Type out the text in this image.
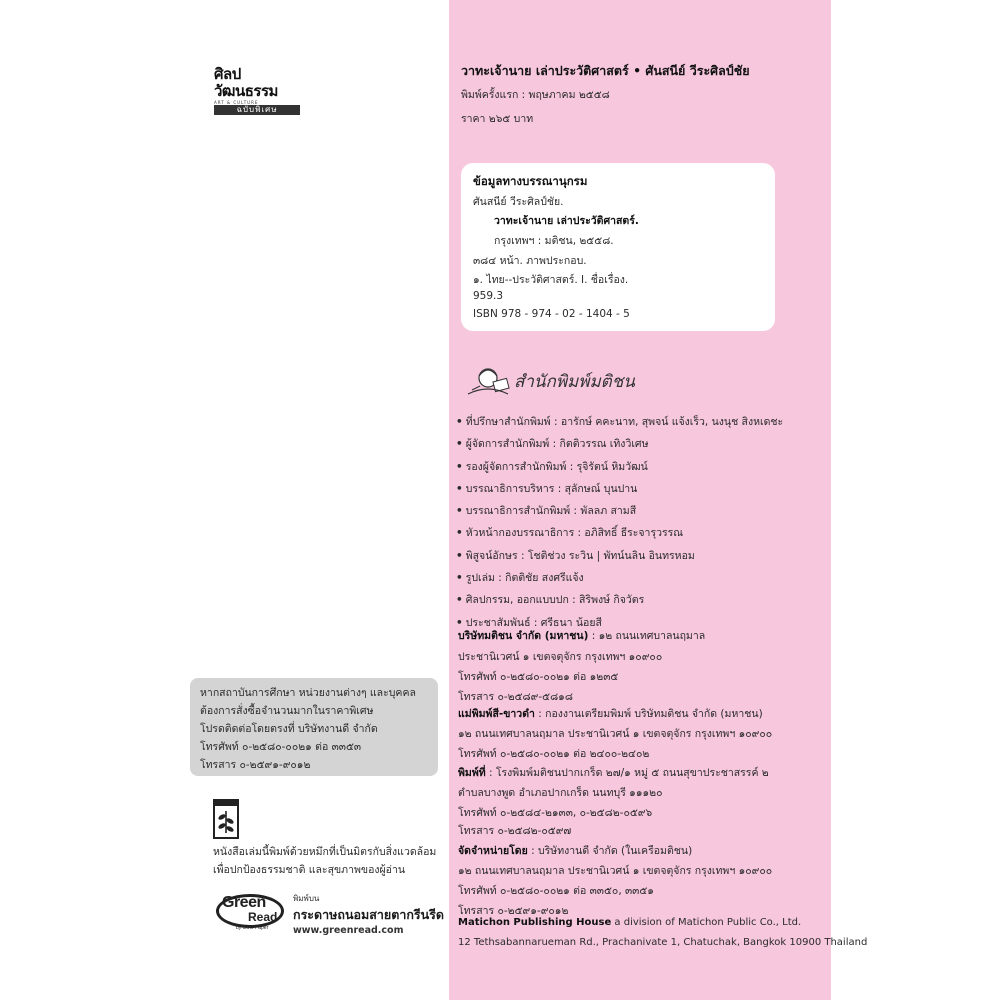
ศิลปวัฒนธรรม
ART & CULTURE
ฉบับพิเศษ
วาทะเจ้านาย เล่าประวัติศาสตร์ • ศันสนีย์ วีระศิลป์ชัย
พิมพ์ครั้งแรก : พฤษภาคม ๒๕๕๘
ราคา ๒๖๕ บาท
ข้อมูลทางบรรณานุกรม
ศันสนีย์ วีระศิลป์ชัย.
วาทะเจ้านาย เล่าประวัติศาสตร์.
กรุงเทพฯ : มติชน, ๒๕๕๘.
๓๘๔ หน้า. ภาพประกอบ.
๑. ไทย--ประวัติศาสตร์. I. ชื่อเรื่อง.
959.3
ISBN 978 - 974 - 02 - 1404 - 5
สำนักพิมพ์มติชน
• ที่ปรึกษาสำนักพิมพ์ : อารักษ์ คคะนาท, สุพจน์ แจ้งเร็ว, นงนุช สิงหเดชะ
• ผู้จัดการสำนักพิมพ์ : กิตติวรรณ เทิงวิเศษ
• รองผู้จัดการสำนักพิมพ์ : รุจิรัตน์ หิมวัฒน์
• บรรณาธิการบริหาร : สุลักษณ์ บุนปาน
• บรรณาธิการสำนักพิมพ์ : พัลลภ สามสี
• หัวหน้ากองบรรณาธิการ : อภิสิทธิ์ ธีระจารุวรรณ
• พิสูจน์อักษร : โชติช่วง ระวิน | พัทน์นลิน อินทรหอม
• รูปเล่ม : กิตติชัย สงศรีแจ้ง
• ศิลปกรรม, ออกแบบปก : สิริพงษ์ กิจวัตร
• ประชาสัมพันธ์ : ศรีธนา น้อยสี
บริษัทมติชน จำกัด (มหาชน) : ๑๒ ถนนเทศบาลนฤมาล
ประชานิเวศน์ ๑ เขตจตุจักร กรุงเทพฯ ๑๐๙๐๐
โทรศัพท์ ๐-๒๕๘๐-๐๐๒๑ ต่อ ๑๒๓๕
โทรสาร ๐-๒๕๘๙-๕๘๑๘
แม่พิมพ์สี-ขาวดำ : กองงานเตรียมพิมพ์ บริษัทมติชน จำกัด (มหาชน)
๑๒ ถนนเทศบาลนฤมาล ประชานิเวศน์ ๑ เขตจตุจักร กรุงเทพฯ ๑๐๙๐๐
โทรศัพท์ ๐-๒๕๘๐-๐๐๒๑ ต่อ ๒๔๐๐-๒๔๐๒
พิมพ์ที่ : โรงพิมพ์มติชนปากเกร็ด ๒๗/๑ หมู่ ๕ ถนนสุขาประชาสรรค์ ๒
ตำบลบางพูด อำเภอปากเกร็ด นนทบุรี ๑๑๑๒๐
โทรศัพท์ ๐-๒๕๘๔-๒๑๓๓, ๐-๒๕๘๒-๐๕๙๖
โทรสาร ๐-๒๕๘๒-๐๕๙๗
จัดจำหน่ายโดย : บริษัทงานดี จำกัด (ในเครือมติชน)
๑๒ ถนนเทศบาลนฤมาล ประชานิเวศน์ ๑ เขตจตุจักร กรุงเทพฯ ๑๐๙๐๐
โทรศัพท์ ๐-๒๕๘๐-๐๐๒๑ ต่อ ๓๓๕๐, ๓๓๕๑
โทรสาร ๐-๒๕๙๑-๙๐๑๒
Matichon Publishing House a division of Matichon Public Co., Ltd.
12 Tethsabannarueman Rd., Prachanivate 1, Chatuchak, Bangkok 10900 Thailand
หากสถาบันการศึกษา หน่วยงานต่างๆ และบุคคล
ต้องการสั่งซื้อจำนวนมากในราคาพิเศษ
โปรดติดต่อโดยตรงที่ บริษัทงานดี จำกัด
โทรศัพท์ ๐-๒๕๘๐-๐๐๒๑ ต่อ ๓๓๕๓
โทรสาร ๐-๒๕๙๑-๙๐๑๒
หนังสือเล่มนี้พิมพ์ด้วยหมึกที่เป็นมิตรกับสิ่งแวดล้อม
เพื่อปกป้องธรรมชาติ และสุขภาพของผู้อ่าน
Green
Read
by SCG Paper
พิมพ์บน
กระดาษถนอมสายตากรีนรีด
www.greenread.com
